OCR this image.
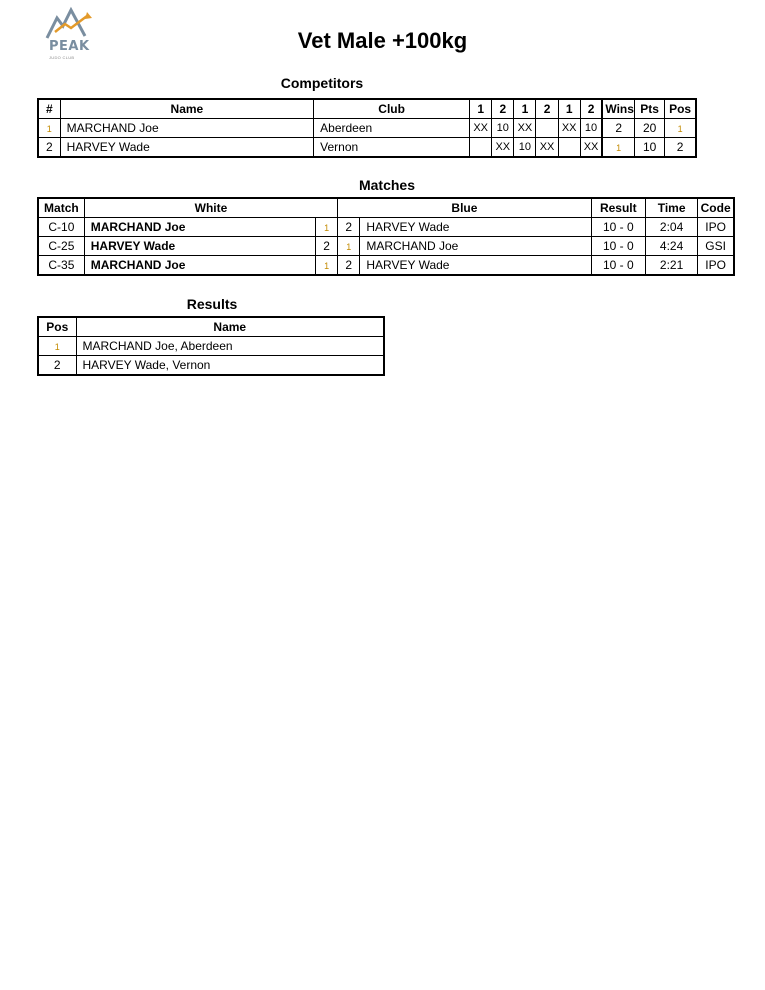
PEAK
JUDO CLUB
Vet Male +100kg
Competitors
#	Name	Club	1	2	1	2	1	2	Wins	Pts	Pos
1	MARCHAND Joe	Aberdeen	XX	10	XX		XX	10	2	20	1
2	HARVEY Wade	Vernon		XX	10	XX		XX	1	10	2
Matches
Match	White		Blue		Result	Time	Code
C-10	MARCHAND Joe	1	2	HARVEY Wade	10 - 0	2:04	IPO
C-25	HARVEY Wade	2	1	MARCHAND Joe	10 - 0	4:24	GSI
C-35	MARCHAND Joe	1	2	HARVEY Wade	10 - 0	2:21	IPO
Results
Pos	Name
1	MARCHAND Joe, Aberdeen
2	HARVEY Wade, Vernon
